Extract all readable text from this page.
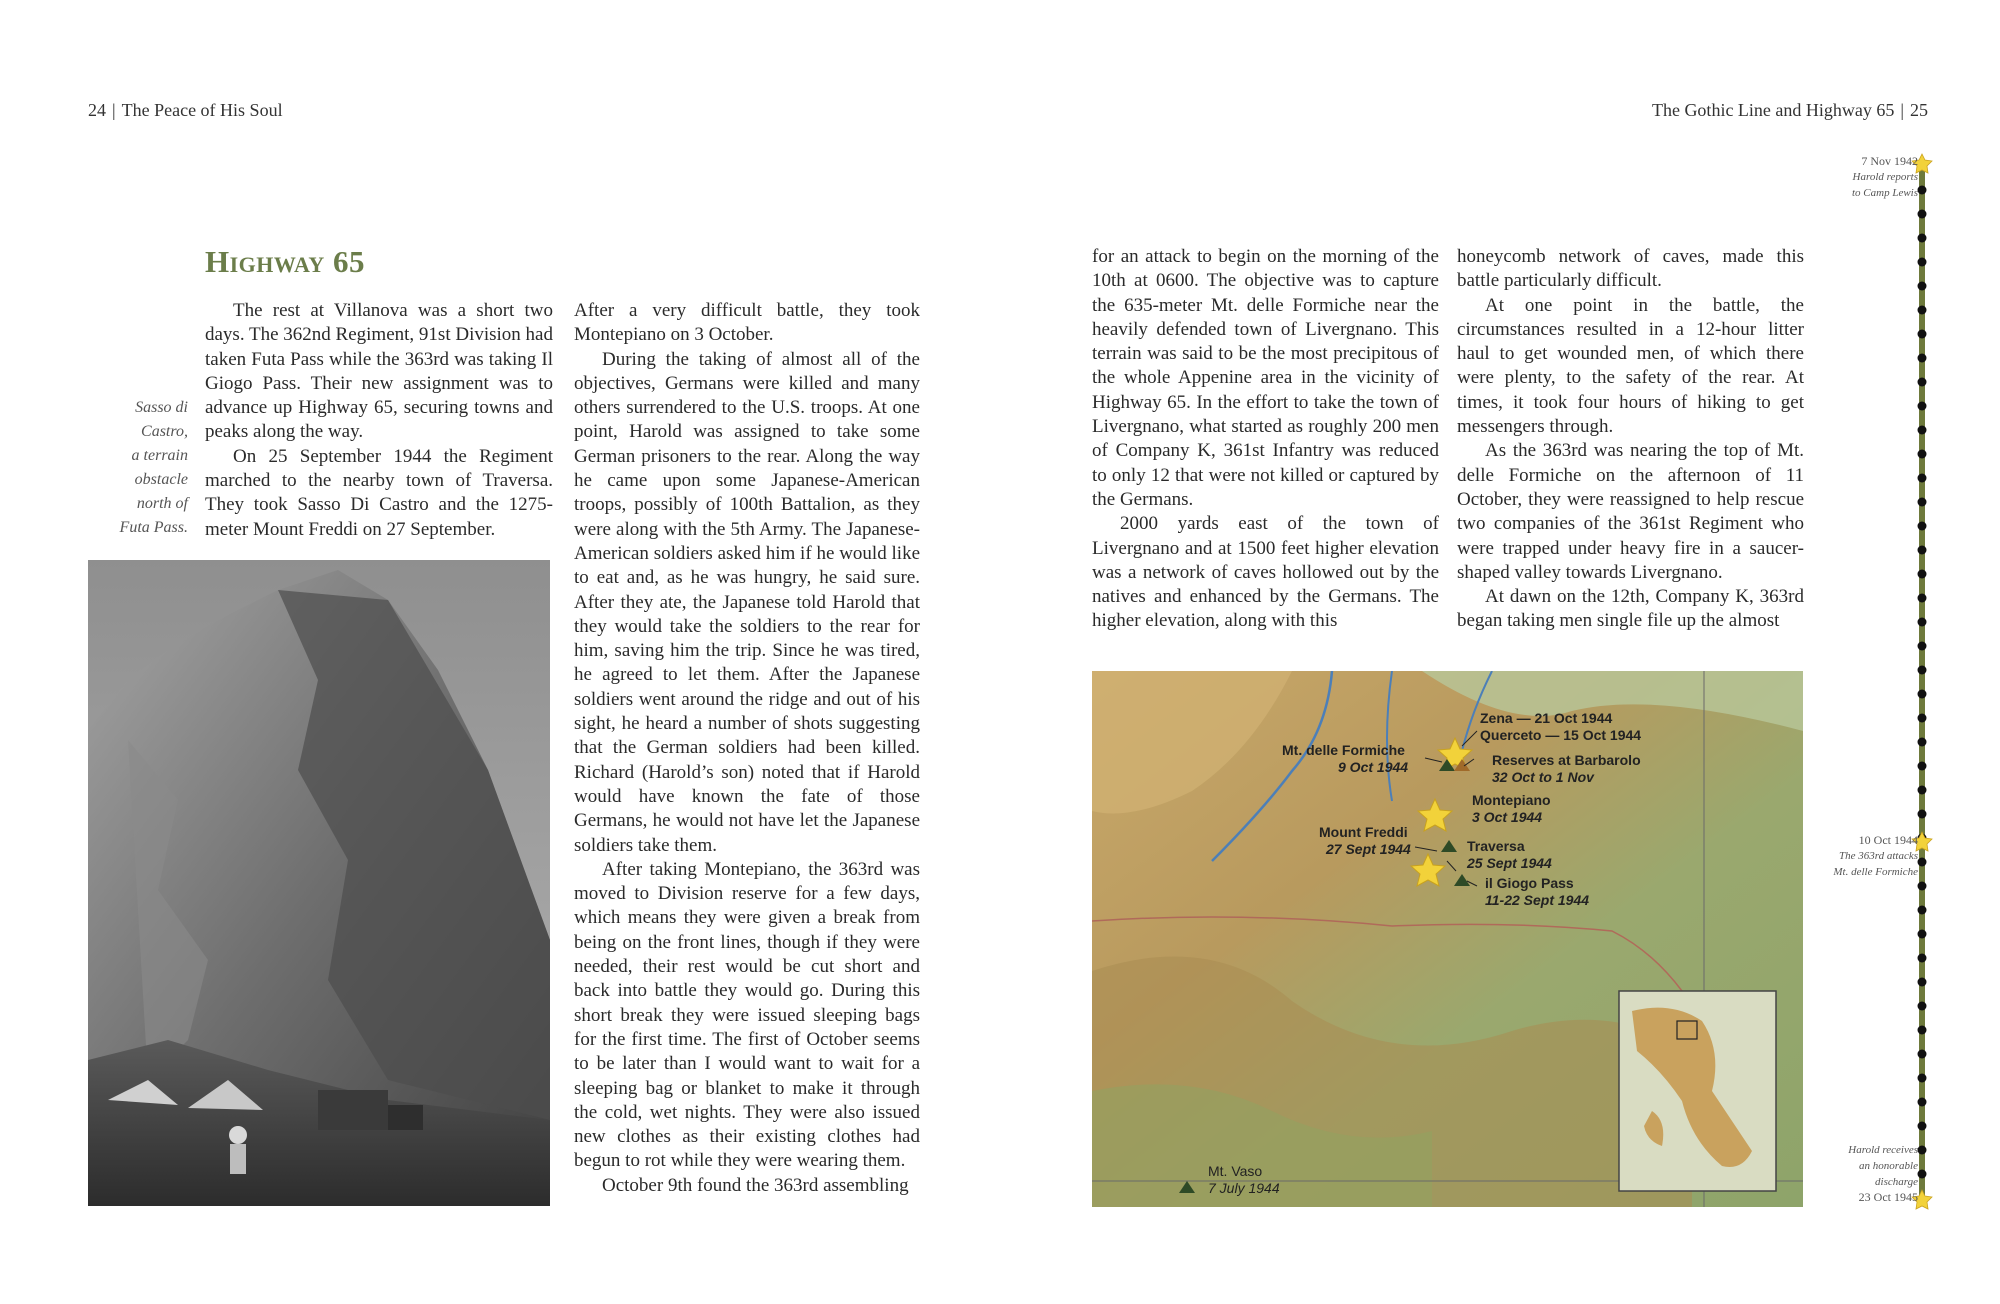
24 | The Peace of His Soul	The Gothic Line and Highway 65 | 25
Highway 65
Sasso di
Castro,
a terrain
obstacle
north of
Futa Pass.

The rest at Villanova was a short two days. The 362nd Regiment, 91st Division had taken Futa Pass while the 363rd was taking Il Giogo Pass. Their new assignment was to advance up Highway 65, securing towns and peaks along the way.

On 25 September 1944 the Regiment marched to the nearby town of Traversa. They took Sasso Di Castro and the 1275-meter Mount Freddi on 27 September.

After a very difficult battle, they took Montepiano on 3 October.

During the taking of almost all of the objectives, Germans were killed and many others surrendered to the U.S. troops. At one point, Harold was assigned to take some German prisoners to the rear. Along the way he came upon some Japanese-American troops, possibly of 100th Battalion, as they were along with the 5th Army. The Japanese-American soldiers asked him if he would like to eat and, as he was hungry, he said sure. After they ate, the Japanese told Harold that they would take the soldiers to the rear for him, saving him the trip. Since he was tired, he agreed to let them. After the Japanese soldiers went around the ridge and out of his sight, he heard a number of shots suggesting that the German soldiers had been killed. Richard (Harold’s son) noted that if Harold would have known the fate of those Germans, he would not have let the Japanese soldiers take them.

After taking Montepiano, the 363rd was moved to Division reserve for a few days, which means they were given a break from being on the front lines, though if they were needed, their rest would be cut short and back into battle they would go. During this short break they were issued sleeping bags for the first time. The first of October seems to be later than I would want to wait for a sleeping bag or blanket to make it through the cold, wet nights. They were also issued new clothes as their existing clothes had begun to rot while they were wearing them.

October 9th found the 363rd assembling

for an attack to begin on the morning of the 10th at 0600. The objective was to capture the 635-meter Mt. delle Formiche near the heavily defended town of Livergnano. This terrain was said to be the most precipitous of the whole Appenine area in the vicinity of Highway 65. In the effort to take the town of Livergnano, what started as roughly 200 men of Company K, 361st Infantry was reduced to only 12 that were not killed or captured by the Germans.

2000 yards east of the town of Livergnano and at 1500 feet higher elevation was a network of caves hollowed out by the natives and enhanced by the Germans. The higher elevation, along with this

honeycomb network of caves, made this battle particularly difficult.

At one point in the battle, the circumstances resulted in a 12-hour litter haul to get wounded men, of which there were plenty, to the safety of the rear. At times, it took four hours of hiking to get messengers through.

As the 363rd was nearing the top of Mt. delle Formiche on the afternoon of 11 October, they were reassigned to help rescue two companies of the 361st Regiment who were trapped under heavy fire in a saucer-shaped valley towards Livergnano.

At dawn on the 12th, Company K, 363rd began taking men single file up the almost

Zena — 21 Oct 1944
Querceto — 15 Oct 1944
Mt. delle Formiche
9 Oct 1944	Reserves at Barbarolo
32 Oct to 1 Nov
Montepiano
3 Oct 1944
Mount Freddi
27 Sept 1944	Traversa
25 Sept 1944
il Giogo Pass
11-22 Sept 1944
Mt. Vaso
7 July 1944
7 Nov 1942
Harold reports
to Camp Lewis
10 Oct 1944
The 363rd attacks
Mt. delle Formiche
Harold receives
an honorable
discharge
23 Oct 1945
